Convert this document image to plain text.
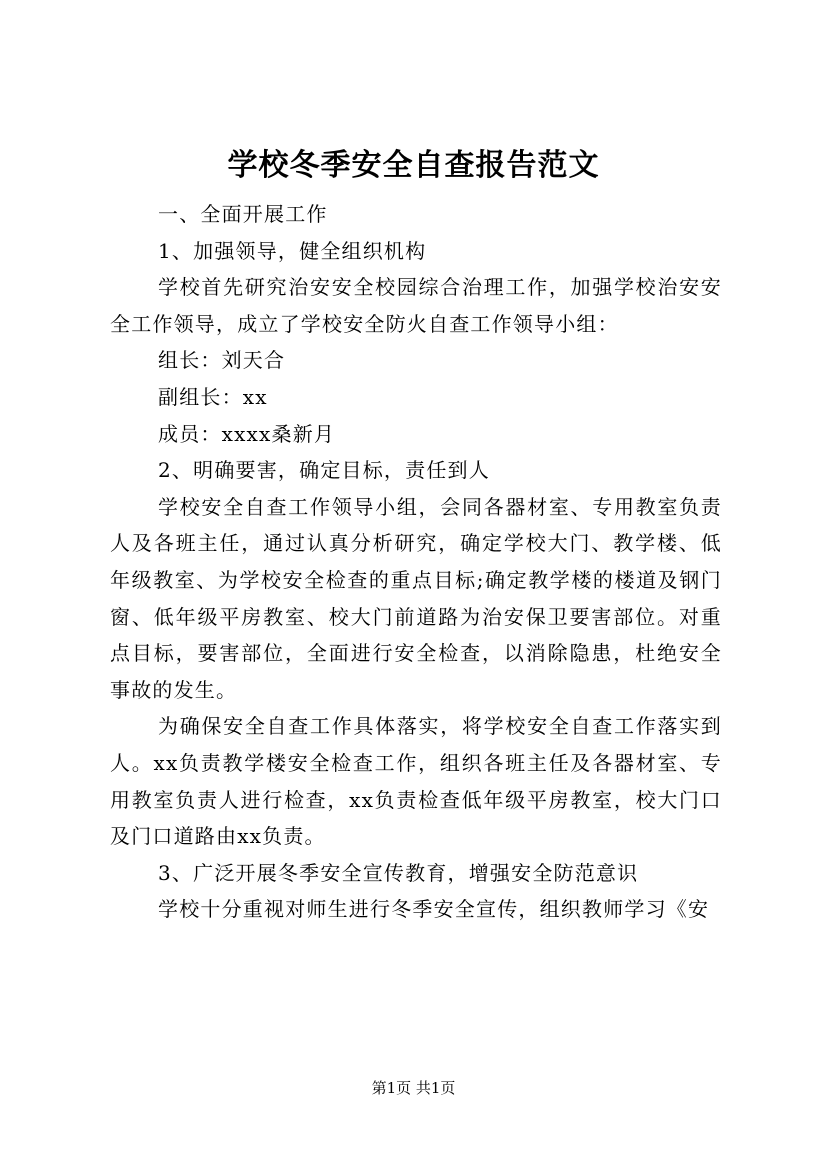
学校冬季安全自查报告范文

一、全面开展工作

1、加强领导，健全组织机构

学校首先研究治安安全校园综合治理工作，加强学校治安安全工作领导，成立了学校安全防火自查工作领导小组：

组长：刘天合

副组长：xx

成员：xxxx桑新月

2、明确要害，确定目标，责任到人

学校安全自查工作领导小组，会同各器材室、专用教室负责人及各班主任，通过认真分析研究，确定学校大门、教学楼、低年级教室、为学校安全检查的重点目标;确定教学楼的楼道及钢门窗、低年级平房教室、校大门前道路为治安保卫要害部位。对重点目标，要害部位，全面进行安全检查，以消除隐患，杜绝安全事故的发生。

为确保安全自查工作具体落实，将学校安全自查工作落实到人。xx负责教学楼安全检查工作，组织各班主任及各器材室、专用教室负责人进行检查，xx负责检查低年级平房教室，校大门口及门口道路由xx负责。

3、广泛开展冬季安全宣传教育，增强安全防范意识

学校十分重视对师生进行冬季安全宣传，组织教师学习《安

第1页 共1页
